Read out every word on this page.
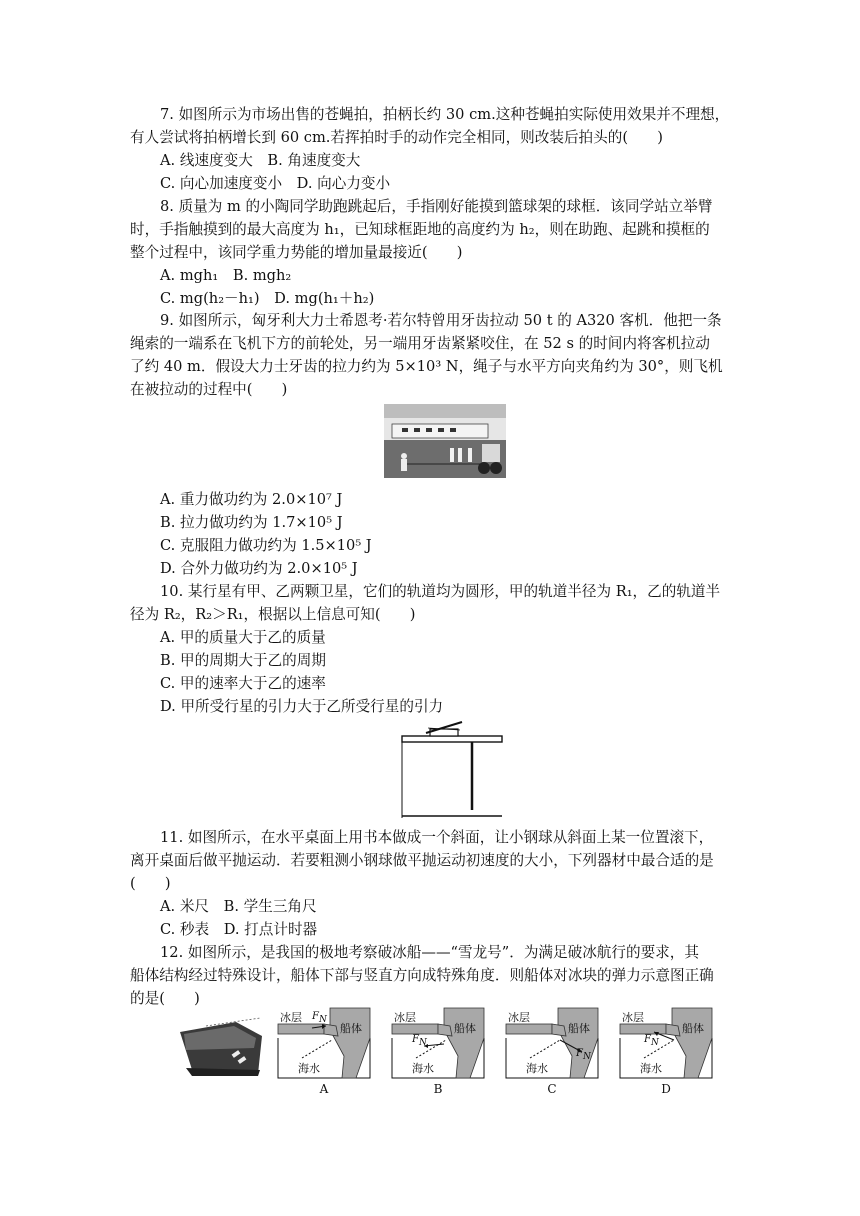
7. 如图所示为市场出售的苍蝇拍，拍柄长约 30 cm.这种苍蝇拍实际使用效果并不理想，
有人尝试将拍柄增长到 60 cm.若挥拍时手的动作完全相同，则改装后拍头的(　　)
A. 线速度变大　B. 角速度变大
C. 向心加速度变小　D. 向心力变小
8. 质量为 m 的小陶同学助跑跳起后，手指刚好能摸到篮球架的球框．该同学站立举臂
时，手指触摸到的最大高度为 h₁，已知球框距地的高度约为 h₂，则在助跑、起跳和摸框的
整个过程中，该同学重力势能的增加量最接近(　　)
A. mgh₁　B. mgh₂
C. mg(h₂－h₁)　D. mg(h₁＋h₂)
9. 如图所示，匈牙利大力士希恩考·若尔特曾用牙齿拉动 50 t 的 A320 客机．他把一条
绳索的一端系在飞机下方的前轮处，另一端用牙齿紧紧咬住，在 52 s 的时间内将客机拉动
了约 40 m．假设大力士牙齿的拉力约为 5×10³ N，绳子与水平方向夹角约为 30°，则飞机
在被拉动的过程中(　　)
A. 重力做功约为 2.0×10⁷ J
B. 拉力做功约为 1.7×10⁵ J
C. 克服阻力做功约为 1.5×10⁵ J
D. 合外力做功约为 2.0×10⁵ J
10. 某行星有甲、乙两颗卫星，它们的轨道均为圆形，甲的轨道半径为 R₁，乙的轨道半
径为 R₂，R₂＞R₁，根据以上信息可知(　　)
A. 甲的质量大于乙的质量
B. 甲的周期大于乙的周期
C. 甲的速率大于乙的速率
D. 甲所受行星的引力大于乙所受行星的引力
11. 如图所示，在水平桌面上用书本做成一个斜面，让小钢球从斜面上某一位置滚下，
离开桌面后做平抛运动．若要粗测小钢球做平抛运动初速度的大小，下列器材中最合适的是
(　　)
A. 米尺　B. 学生三角尺
C. 秒表　D. 打点计时器
12. 如图所示，是我国的极地考察破冰船——“雪龙号”．为满足破冰航行的要求，其
船体结构经过特殊设计，船体下部与竖直方向成特殊角度．则船体对冰块的弹力示意图正确
的是(　　)
冰层
船体
海水
$F_N$
A
冰层
船体
海水
$F_N$
B
冰层
船体
海水
$F_N$
C
冰层
船体
海水
$F_N$
D
